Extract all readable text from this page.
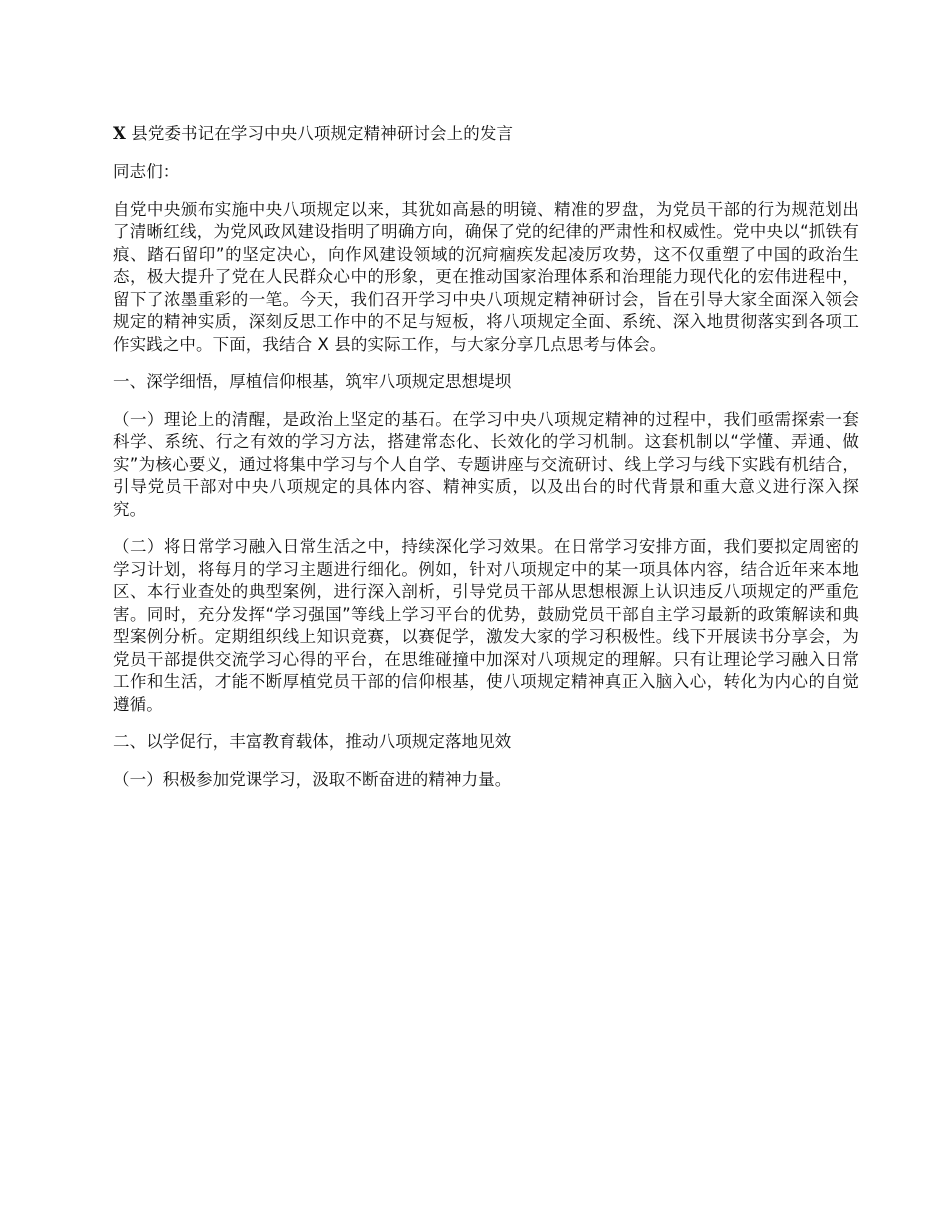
X 县党委书记在学习中央八项规定精神研讨会上的发言

同志们：

自党中央颁布实施中央八项规定以来，其犹如高悬的明镜、精准的罗盘，为党员干部的行为规范划出了清晰红线，为党风政风建设指明了明确方向，确保了党的纪律的严肃性和权威性。党中央以“抓铁有痕、踏石留印”的坚定决心，向作风建设领域的沉疴痼疾发起凌厉攻势，这不仅重塑了中国的政治生态，极大提升了党在人民群众心中的形象，更在推动国家治理体系和治理能力现代化的宏伟进程中，留下了浓墨重彩的一笔。今天，我们召开学习中央八项规定精神研讨会，旨在引导大家全面深入领会规定的精神实质，深刻反思工作中的不足与短板，将八项规定全面、系统、深入地贯彻落实到各项工作实践之中。下面，我结合 X 县的实际工作，与大家分享几点思考与体会。

一、深学细悟，厚植信仰根基，筑牢八项规定思想堤坝

（一）理论上的清醒，是政治上坚定的基石。在学习中央八项规定精神的过程中，我们亟需探索一套科学、系统、行之有效的学习方法，搭建常态化、长效化的学习机制。这套机制以“学懂、弄通、做实”为核心要义，通过将集中学习与个人自学、专题讲座与交流研讨、线上学习与线下实践有机结合，引导党员干部对中央八项规定的具体内容、精神实质，以及出台的时代背景和重大意义进行深入探究。

（二）将日常学习融入日常生活之中，持续深化学习效果。在日常学习安排方面，我们要拟定周密的学习计划，将每月的学习主题进行细化。例如，针对八项规定中的某一项具体内容，结合近年来本地区、本行业查处的典型案例，进行深入剖析，引导党员干部从思想根源上认识违反八项规定的严重危害。同时，充分发挥“学习强国”等线上学习平台的优势，鼓励党员干部自主学习最新的政策解读和典型案例分析。定期组织线上知识竞赛，以赛促学，激发大家的学习积极性。线下开展读书分享会，为党员干部提供交流学习心得的平台，在思维碰撞中加深对八项规定的理解。只有让理论学习融入日常工作和生活，才能不断厚植党员干部的信仰根基，使八项规定精神真正入脑入心，转化为内心的自觉遵循。

二、以学促行，丰富教育载体，推动八项规定落地见效

（一）积极参加党课学习，汲取不断奋进的精神力量。
